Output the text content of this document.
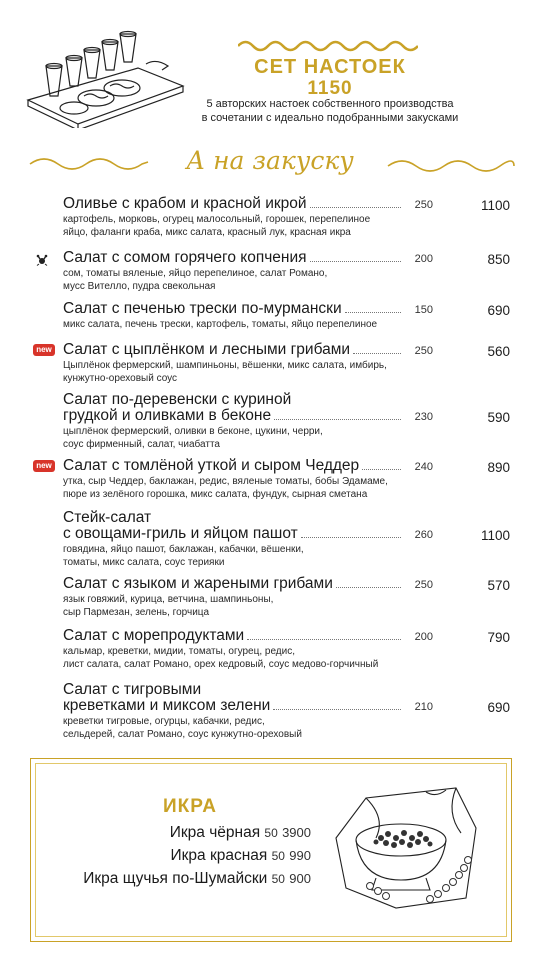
СЕТ НАСТОЕК
1150
5 авторских настоек собственного производства
в сочетании с идеально подобранными закусками
А на закуску
Оливье с крабом и красной икрой	250	1100
картофель, морковь, огурец малосольный, горошек, перепелиное
яйцо, фаланги краба, микс салата, красный лук, красная икра
Салат с сомом горячего копчения	200	850
сом, томаты вяленые, яйцо перепелиное, салат Романо,
мусс Вителло, пудра свекольная
Салат с печенью трески по-мурмански	150	690
микс салата, печень трески, картофель, томаты, яйцо перепелиное
new Салат с цыплёнком и лесными грибами	250	560
Цыплёнок фермерский, шампиньоны, вёшенки, микс салата, имбирь,
кунжутно-ореховый соус
Салат по-деревенски с куриной
грудкой и оливками в беконе	230	590
цыплёнок фермерский, оливки в беконе, цукини, черри,
соус фирменный, салат, чиабатта
new Салат с томлёной уткой и сыром Чеддер	240	890
утка, сыр Чеддер, баклажан, редис, вяленые томаты, бобы Эдамаме,
пюре из зелёного горошка, микс салата, фундук, сырная сметана
Стейк-салат
с овощами-гриль и яйцом пашот	260	1100
говядина, яйцо пашот, баклажан, кабачки, вёшенки,
томаты, микс салата, соус терияки
Салат с языком и жареными грибами	250	570
язык говяжий, курица, ветчина, шампиньоны,
сыр Пармезан, зелень, горчица
Салат с морепродуктами	200	790
кальмар, креветки, мидии, томаты, огурец, редис,
лист салата, салат Романо, орех кедровый, соус медово-горчичный
Салат с тигровыми
креветками и миксом зелени	210	690
креветки тигровые, огурцы, кабачки, редис,
сельдерей, салат Романо, соус кунжутно-ореховый
ИКРА
Икра чёрная 50 3900
Икра красная 50 990
Икра щучья по-Шумайски 50 900
